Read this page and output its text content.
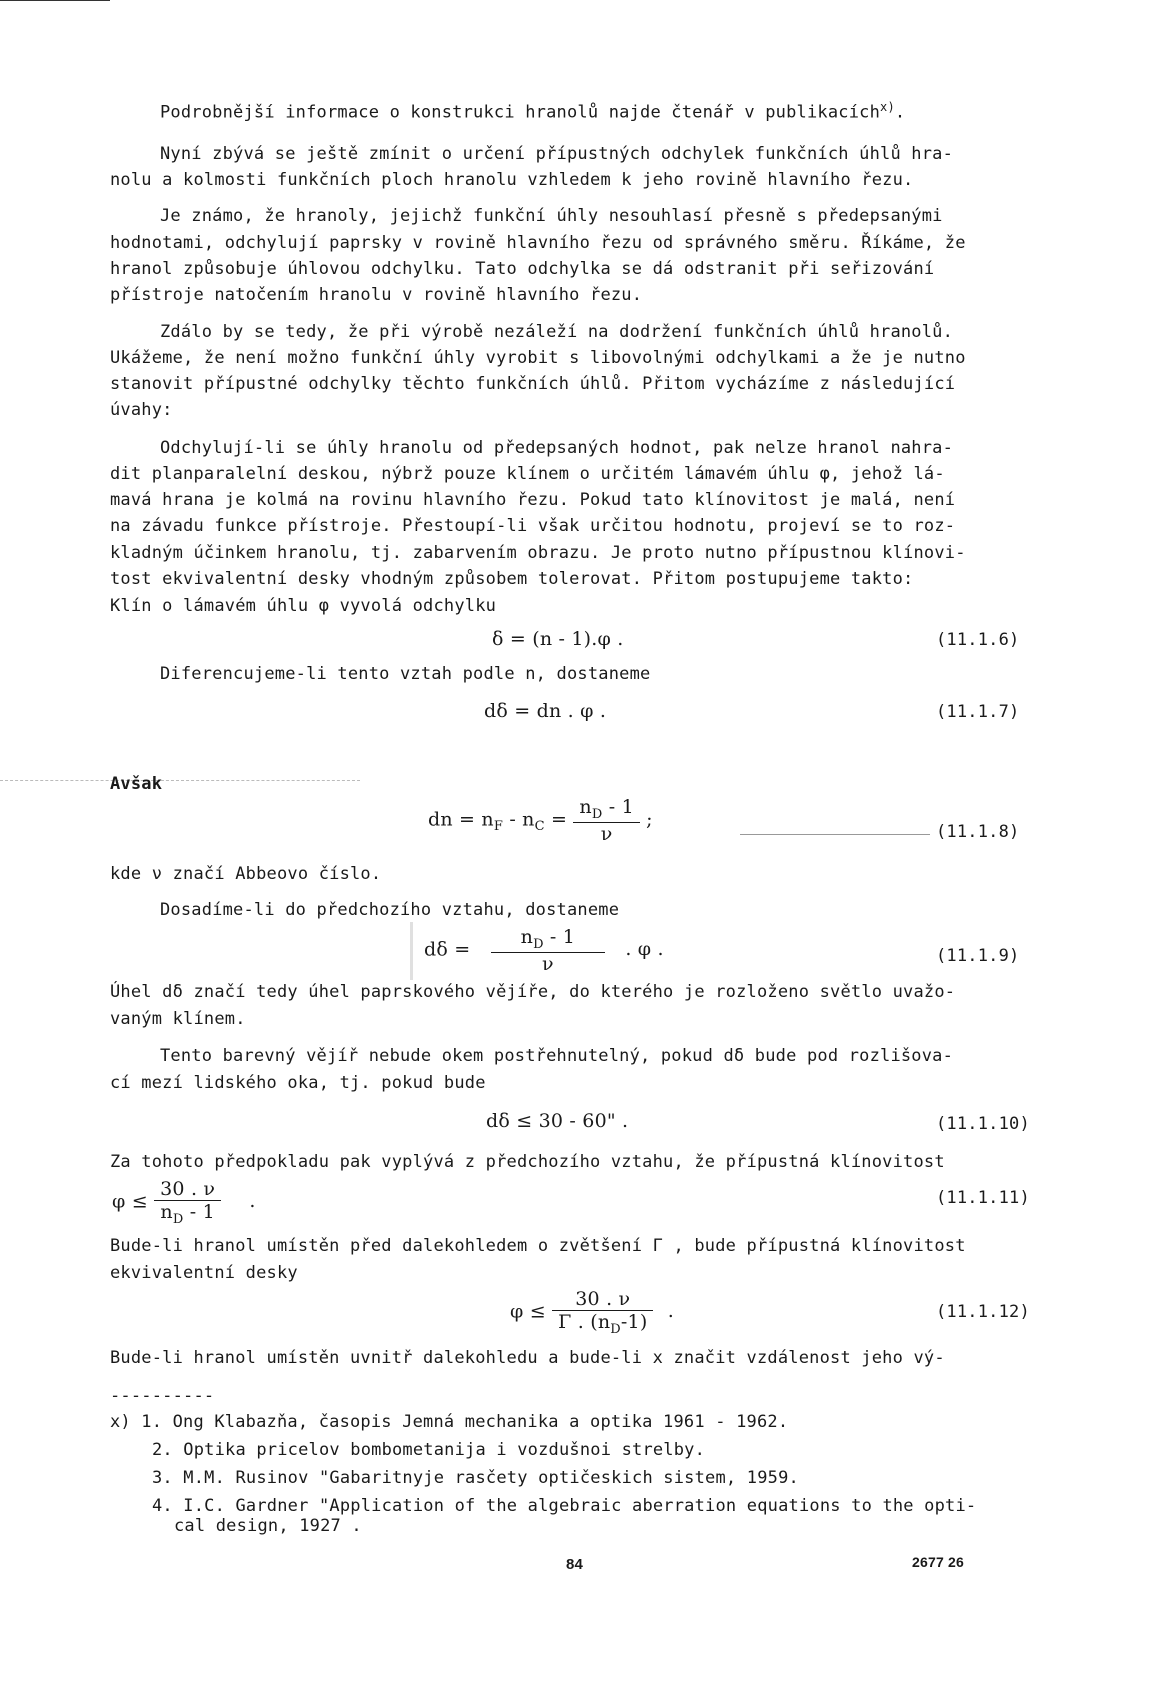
Podrobnější informace o konstrukci hranolů najde čtenář v publikacích$^{x)}$.
Nyní zbývá se ještě zmínit o určení přípustných odchylek funkčních úhlů hra-
nolu a kolmosti funkčních ploch hranolu vzhledem k jeho rovině hlavního řezu.
Je známo, že hranoly, jejichž funkční úhly nesouhlasí přesně s předepsanými
hodnotami, odchylují paprsky v rovině hlavního řezu od správného směru. Říkáme, že
hranol způsobuje úhlovou odchylku. Tato odchylka se dá odstranit při seřizování
přístroje natočením hranolu v rovině hlavního řezu.
Zdálo by se tedy, že při výrobě nezáleží na dodržení funkčních úhlů hranolů.
Ukážeme, že není možno funkční úhly vyrobit s libovolnými odchylkami a že je nutno
stanovit přípustné odchylky těchto funkčních úhlů. Přitom vycházíme z následující
úvahy:
Odchylují-li se úhly hranolu od předepsaných hodnot, pak nelze hranol nahra-
dit planparalelní deskou, nýbrž pouze klínem o určitém lámavém úhlu φ, jehož lá-
mavá hrana je kolmá na rovinu hlavního řezu. Pokud tato klínovitost je malá, není
na závadu funkce přístroje. Přestoupí-li však určitou hodnotu, projeví se to roz-
kladným účinkem hranolu, tj. zabarvením obrazu. Je proto nutno přípustnou klínovi-
tost ekvivalentní desky vhodným způsobem tolerovat. Přitom postupujeme takto:
Klín o lámavém úhlu φ vyvolá odchylku
δ = (n - 1).φ .	(11.1.6)
Diferencujeme-li tento vztah podle n, dostaneme
dδ = dn . φ .	(11.1.7)
Avšak
dn = $n_F - n_C = \frac{n_D - 1}{\nu}$ ;
(11.1.8)
kde ν značí Abbeovo číslo.
Dosadíme-li do předchozího vztahu, dostaneme
$d\delta = \frac{n_D - 1}{\nu}$ . φ .	(11.1.9)
Úhel dδ značí tedy úhel paprskového vějíře, do kterého je rozloženo světlo uvažo-
vaným klínem.
Tento barevný vějíř nebude okem postřehnutelný, pokud dδ bude pod rozlišova-
cí mezí lidského oka, tj. pokud bude
dδ ≤ 30 - 60" .	(11.1.10)
Za tohoto předpokladu pak vyplývá z předchozího vztahu, že přípustná klínovitost
$\varphi \le \frac{30 . \nu}{n_D - 1}$ .	(11.1.11)
Bude-li hranol umístěn před dalekohledem o zvětšení Γ , bude přípustná klínovitost
ekvivalentní desky
$\varphi \le \frac{30 . \nu}{\Gamma . (n_D-1)}$ .	(11.1.12)
Bude-li hranol umístěn uvnitř dalekohledu a bude-li x značit vzdálenost jeho vý-
----------
x) 1. Ong Klabazňa, časopis Jemná mechanika a optika 1961 - 1962.
2. Optika pricelov bombometanija i vozdušnoi strelby.
3. M.M. Rusinov "Gabaritnyje rasčety optičeskich sistem, 1959.
4. I.C. Gardner "Application of the algebraic aberration equations to the opti-
cal design, 1927 .
84	2677 26
